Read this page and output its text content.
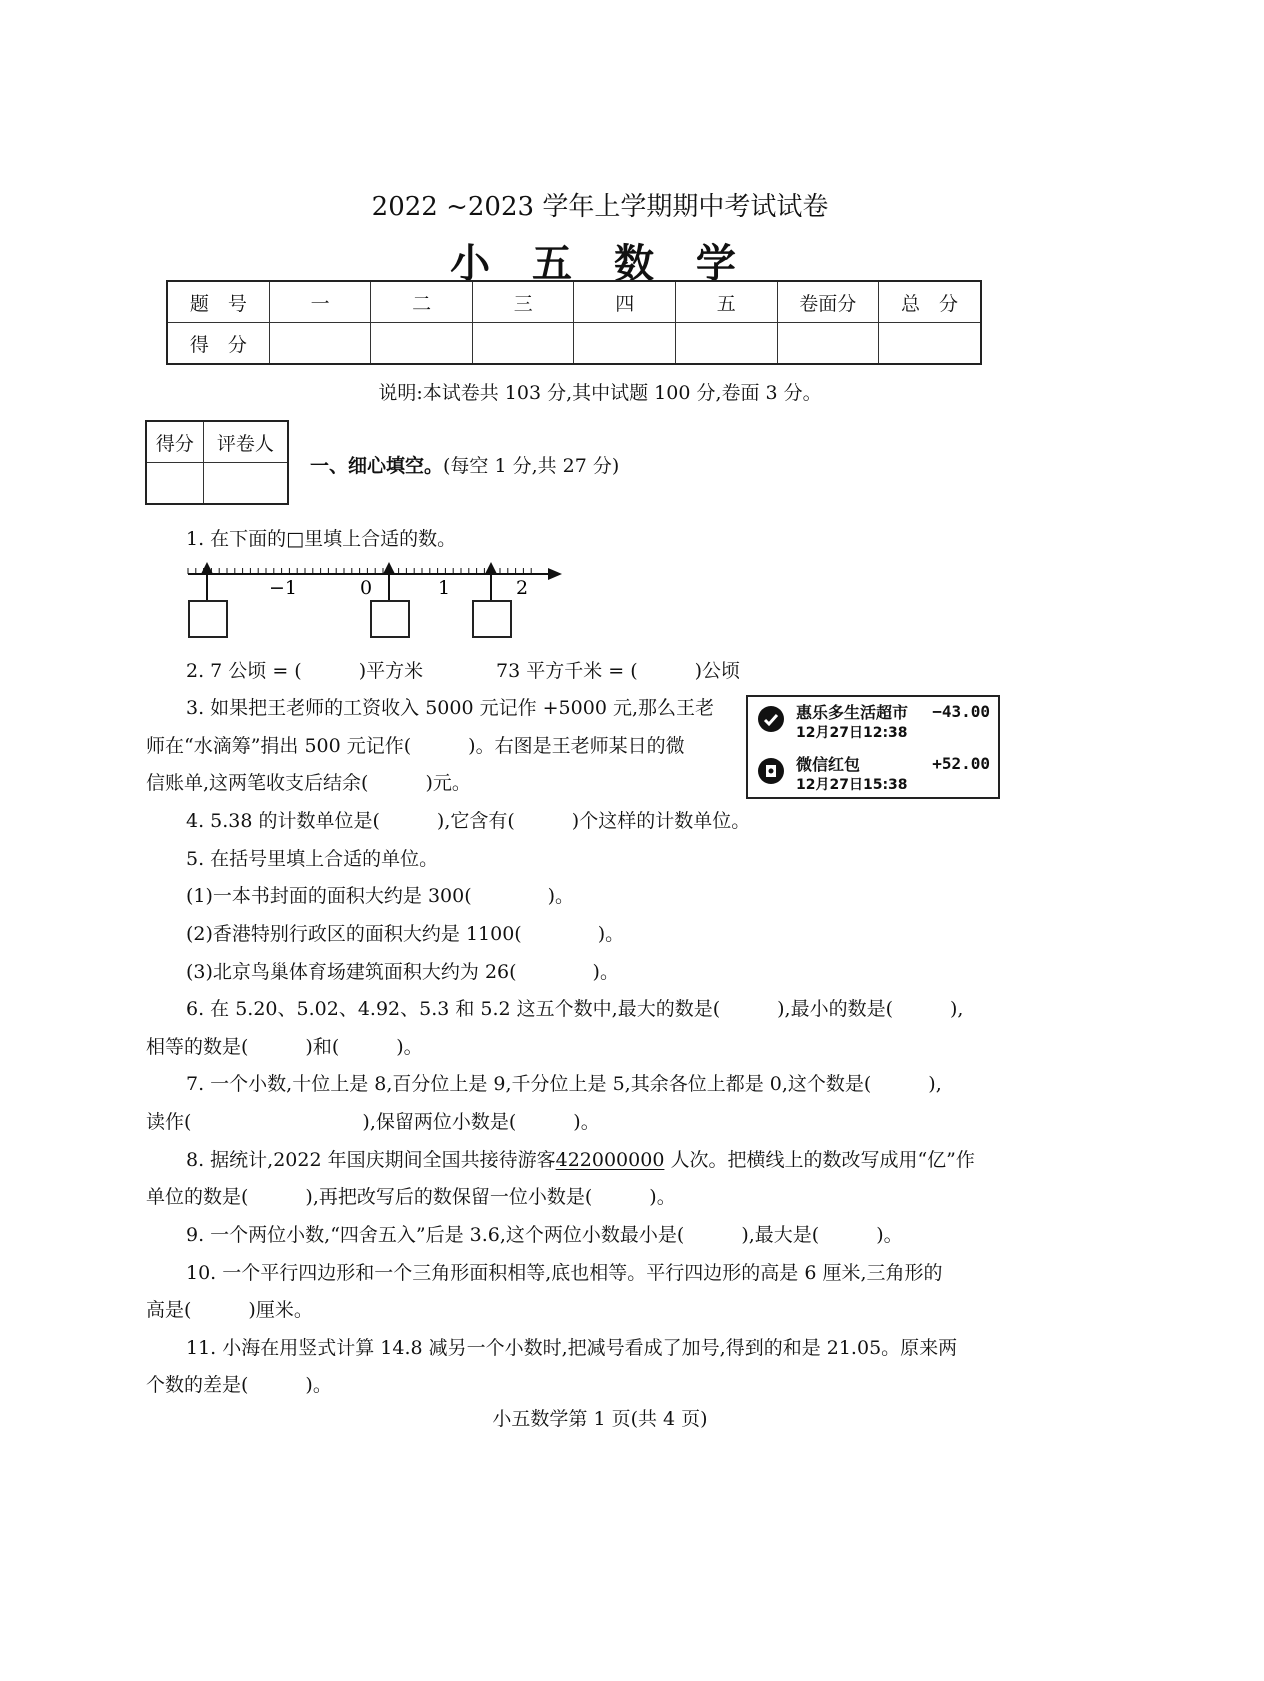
2022 ~2023 学年上学期期中考试试卷
小 五 数 学
题　号	一	二	三	四	五	卷面分	总　分
得　分							
说明:本试卷共 103 分,其中试题 100 分,卷面 3 分。
得分	评卷人

一、细心填空。(每空 1 分,共 27 分)
1. 在下面的□里填上合适的数。
−1	0	1	2
2. 7 公顷 = (　　　)平方米	73 平方千米 = (　　　)公顷
3. 如果把王老师的工资收入 5000 元记作 +5000 元,那么王老
师在“水滴筹”捐出 500 元记作(　　　)。右图是王老师某日的微
信账单,这两笔收支后结余(　　　)元。
惠乐多生活超市
12月27日12:38
−43.00
微信红包
12月27日15:38
+52.00
4. 5.38 的计数单位是(　　　),它含有(　　　)个这样的计数单位。
5. 在括号里填上合适的单位。
(1)一本书封面的面积大约是 300(　　　　)。
(2)香港特别行政区的面积大约是 1100(　　　　)。
(3)北京鸟巢体育场建筑面积大约为 26(　　　　)。
6. 在 5.20、5.02、4.92、5.3 和 5.2 这五个数中,最大的数是(　　　),最小的数是(　　　),
相等的数是(　　　)和(　　　)。
7. 一个小数,十位上是 8,百分位上是 9,千分位上是 5,其余各位上都是 0,这个数是(　　　),
读作(　　　　　　　　　),保留两位小数是(　　　)。
8. 据统计,2022 年国庆期间全国共接待游客422000000 人次。把横线上的数改写成用“亿”作
单位的数是(　　　),再把改写后的数保留一位小数是(　　　)。
9. 一个两位小数,“四舍五入”后是 3.6,这个两位小数最小是(　　　),最大是(　　　)。
10. 一个平行四边形和一个三角形面积相等,底也相等。平行四边形的高是 6 厘米,三角形的
高是(　　　)厘米。
11. 小海在用竖式计算 14.8 减另一个小数时,把减号看成了加号,得到的和是 21.05。原来两
个数的差是(　　　)。
小五数学第 1 页(共 4 页)
